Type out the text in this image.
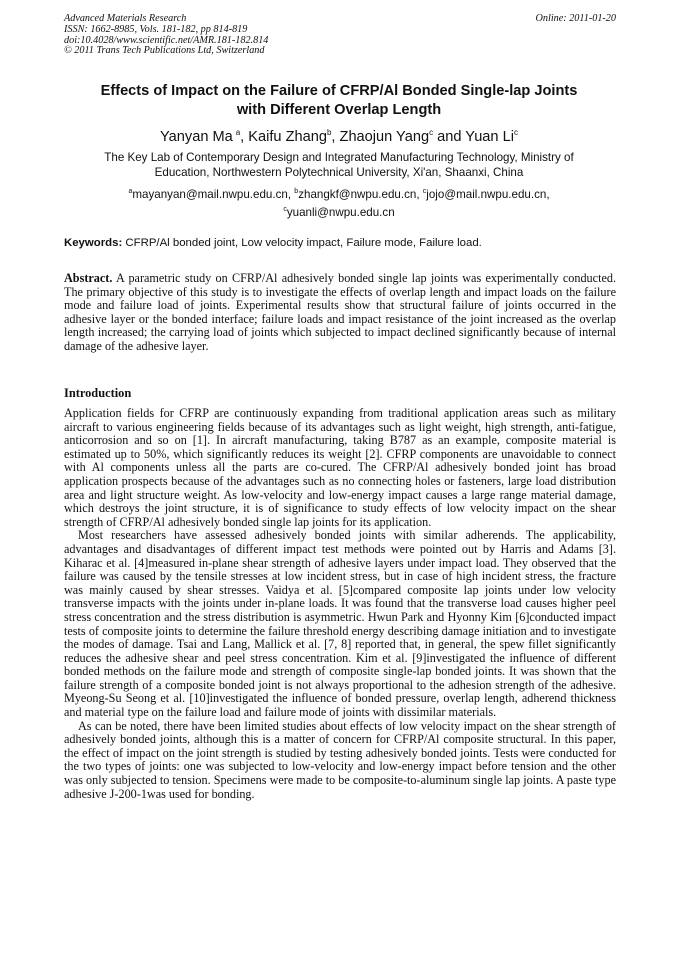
Advanced Materials Research
ISSN: 1662-8985, Vols. 181-182, pp 814-819
doi:10.4028/www.scientific.net/AMR.181-182.814
© 2011 Trans Tech Publications Ltd, Switzerland
Online: 2011-01-20
Effects of Impact on the Failure of CFRP/Al Bonded Single-lap Joints
with Different Overlap Length
Yanyan Ma  $^a$, Kaifu Zhang$^b$, Zhaojun Yang$^c$ and Yuan Li$^c$
The Key Lab of Contemporary Design and Integrated Manufacturing Technology, Ministry of
Education, Northwestern Polytechnical University, Xi'an, Shaanxi, China
$^a$mayanyan@mail.nwpu.edu.cn, $^b$zhangkf@nwpu.edu.cn, $^c$jojo@mail.nwpu.edu.cn,
$^c$yuanli@nwpu.edu.cn
Keywords: CFRP/Al bonded joint, Low velocity impact, Failure mode, Failure load.
Abstract. A parametric study on CFRP/Al adhesively bonded single lap joints was experimentally conducted. The primary objective of this study is to investigate the effects of overlap length and impact loads on the failure mode and failure load of joints. Experimental results show that structural failure of joints occurred in the adhesive layer or the bonded interface; failure loads and impact resistance of the joint increased as the overlap length increased; the carrying load of joints which subjected to impact declined significantly because of internal damage of the adhesive layer.
Introduction

Application fields for CFRP are continuously expanding from traditional application areas such as military aircraft to various engineering fields because of its advantages such as light weight, high strength, anti-fatigue, anticorrosion and so on [1]. In aircraft manufacturing, taking B787 as an example, composite material is estimated up to 50%, which significantly reduces its weight [2]. CFRP components are unavoidable to connect with Al components unless all the parts are co-cured. The CFRP/Al adhesively bonded joint has broad application prospects because of the advantages such as no connecting holes or fasteners, large load distribution area and light structure weight. As low-velocity and low-energy impact causes a large range material damage, which destroys the joint structure, it is of significance to study effects of low velocity impact on the shear strength of CFRP/Al adhesively bonded single lap joints for its application.

Most researchers have assessed adhesively bonded joints with similar adherends. The applicability, advantages and disadvantages of different impact test methods were pointed out by Harris and Adams [3]. Kiharac et al. [4]measured in-plane shear strength of adhesive layers under impact load. They observed that the failure was caused by the tensile stresses at low incident stress, but in case of high incident stress, the fracture was mainly caused by shear stresses. Vaidya et al. [5]compared composite lap joints under low velocity transverse impacts with the joints under in-plane loads. It was found that the transverse load causes higher peel stress concentration and the stress distribution is asymmetric. Hwun Park and Hyonny Kim [6]conducted impact tests of composite joints to determine the failure threshold energy describing damage initiation and to investigate the modes of damage. Tsai and Lang, Mallick et al. [7, 8] reported that, in general, the spew fillet significantly reduces the adhesive shear and peel stress concentration. Kim et al. [9]investigated the influence of different bonded methods on the failure mode and strength of composite single-lap bonded joints. It was shown that the failure strength of a composite bonded joint is not always proportional to the adhesion strength of the adhesive. Myeong-Su Seong et al. [10]investigated the influence of bonded pressure, overlap length, adherend thickness and material type on the failure load and failure mode of joints with dissimilar materials.

As can be noted, there have been limited studies about effects of low velocity impact on the shear strength of adhesively bonded joints, although this is a matter of concern for CFRP/Al composite structural. In this paper, the effect of impact on the joint strength is studied by testing adhesively bonded joints. Tests were conducted for the two types of joints: one was subjected to low-velocity and low-energy impact before tension and the other was only subjected to tension. Specimens were made to be composite-to-aluminum single lap joints. A paste type adhesive J-200-1was used for bonding.
